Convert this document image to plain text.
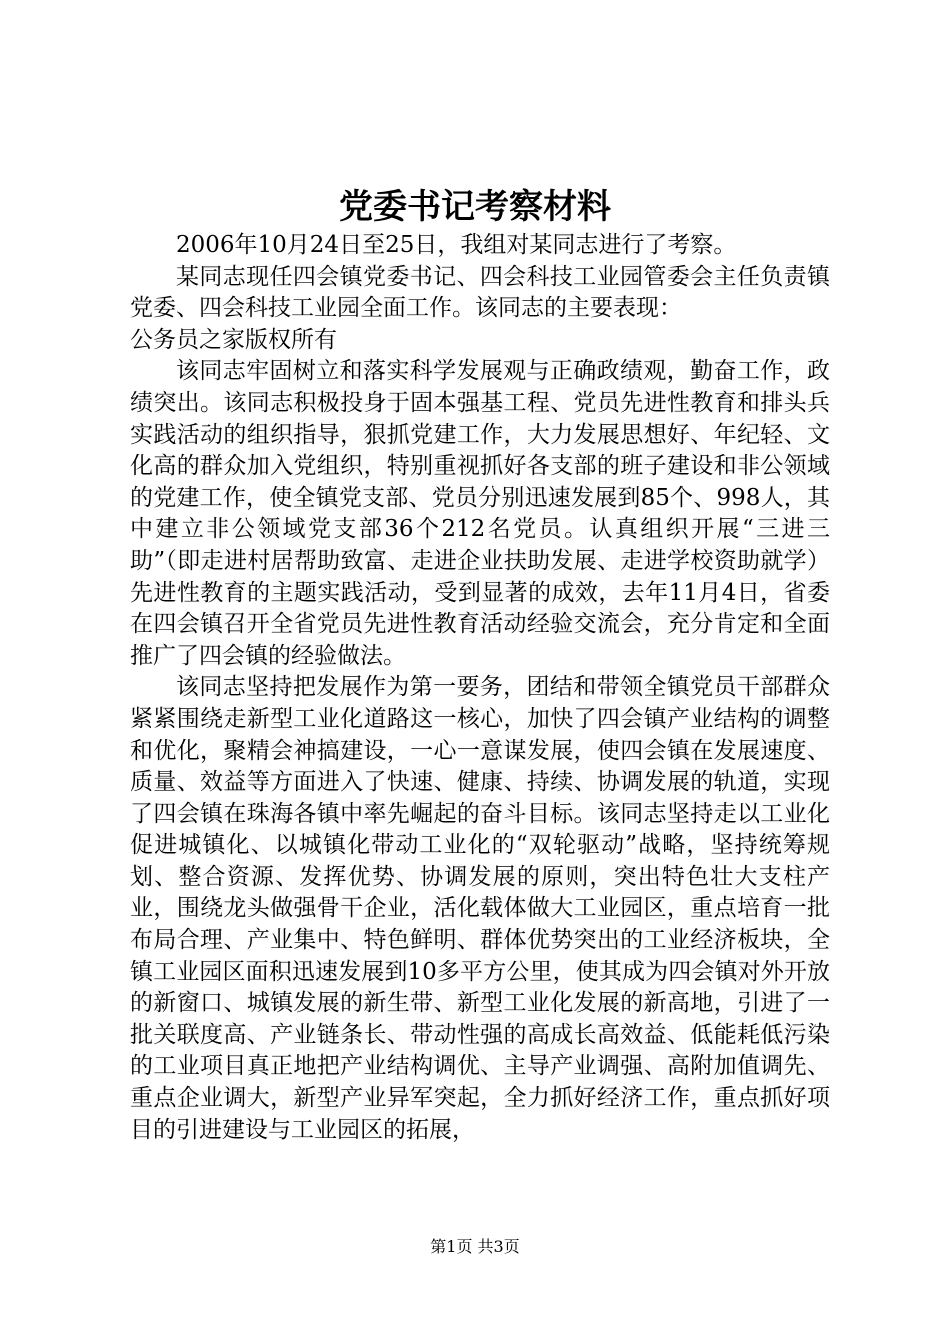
党委书记考察材料

2006年10月24日至25日，我组对某同志进行了考察。

某同志现任四会镇党委书记、四会科技工业园管委会主任负责镇党委、四会科技工业园全面工作。该同志的主要表现：

公务员之家版权所有

该同志牢固树立和落实科学发展观与正确政绩观，勤奋工作，政绩突出。该同志积极投身于固本强基工程、党员先进性教育和排头兵实践活动的组织指导，狠抓党建工作，大力发展思想好、年纪轻、文化高的群众加入党组织，特别重视抓好各支部的班子建设和非公领域的党建工作，使全镇党支部、党员分别迅速发展到85个、998人，其中建立非公领域党支部36个212名党员。认真组织开展“三进三助”（即走进村居帮助致富、走进企业扶助发展、走进学校资助就学）先进性教育的主题实践活动，受到显著的成效，去年11月4日，省委在四会镇召开全省党员先进性教育活动经验交流会，充分肯定和全面推广了四会镇的经验做法。

该同志坚持把发展作为第一要务，团结和带领全镇党员干部群众紧紧围绕走新型工业化道路这一核心，加快了四会镇产业结构的调整和优化，聚精会神搞建设，一心一意谋发展，使四会镇在发展速度、质量、效益等方面进入了快速、健康、持续、协调发展的轨道，实现了四会镇在珠海各镇中率先崛起的奋斗目标。该同志坚持走以工业化促进城镇化、以城镇化带动工业化的“双轮驱动”战略，坚持统筹规划、整合资源、发挥优势、协调发展的原则，突出特色壮大支柱产业，围绕龙头做强骨干企业，活化载体做大工业园区，重点培育一批布局合理、产业集中、特色鲜明、群体优势突出的工业经济板块，全镇工业园区面积迅速发展到10多平方公里，使其成为四会镇对外开放的新窗口、城镇发展的新生带、新型工业化发展的新高地，引进了一批关联度高、产业链条长、带动性强的高成长高效益、低能耗低污染的工业项目真正地把产业结构调优、主导产业调强、高附加值调先、重点企业调大，新型产业异军突起，全力抓好经济工作，重点抓好项目的引进建设与工业园区的拓展，

第1页 共3页
